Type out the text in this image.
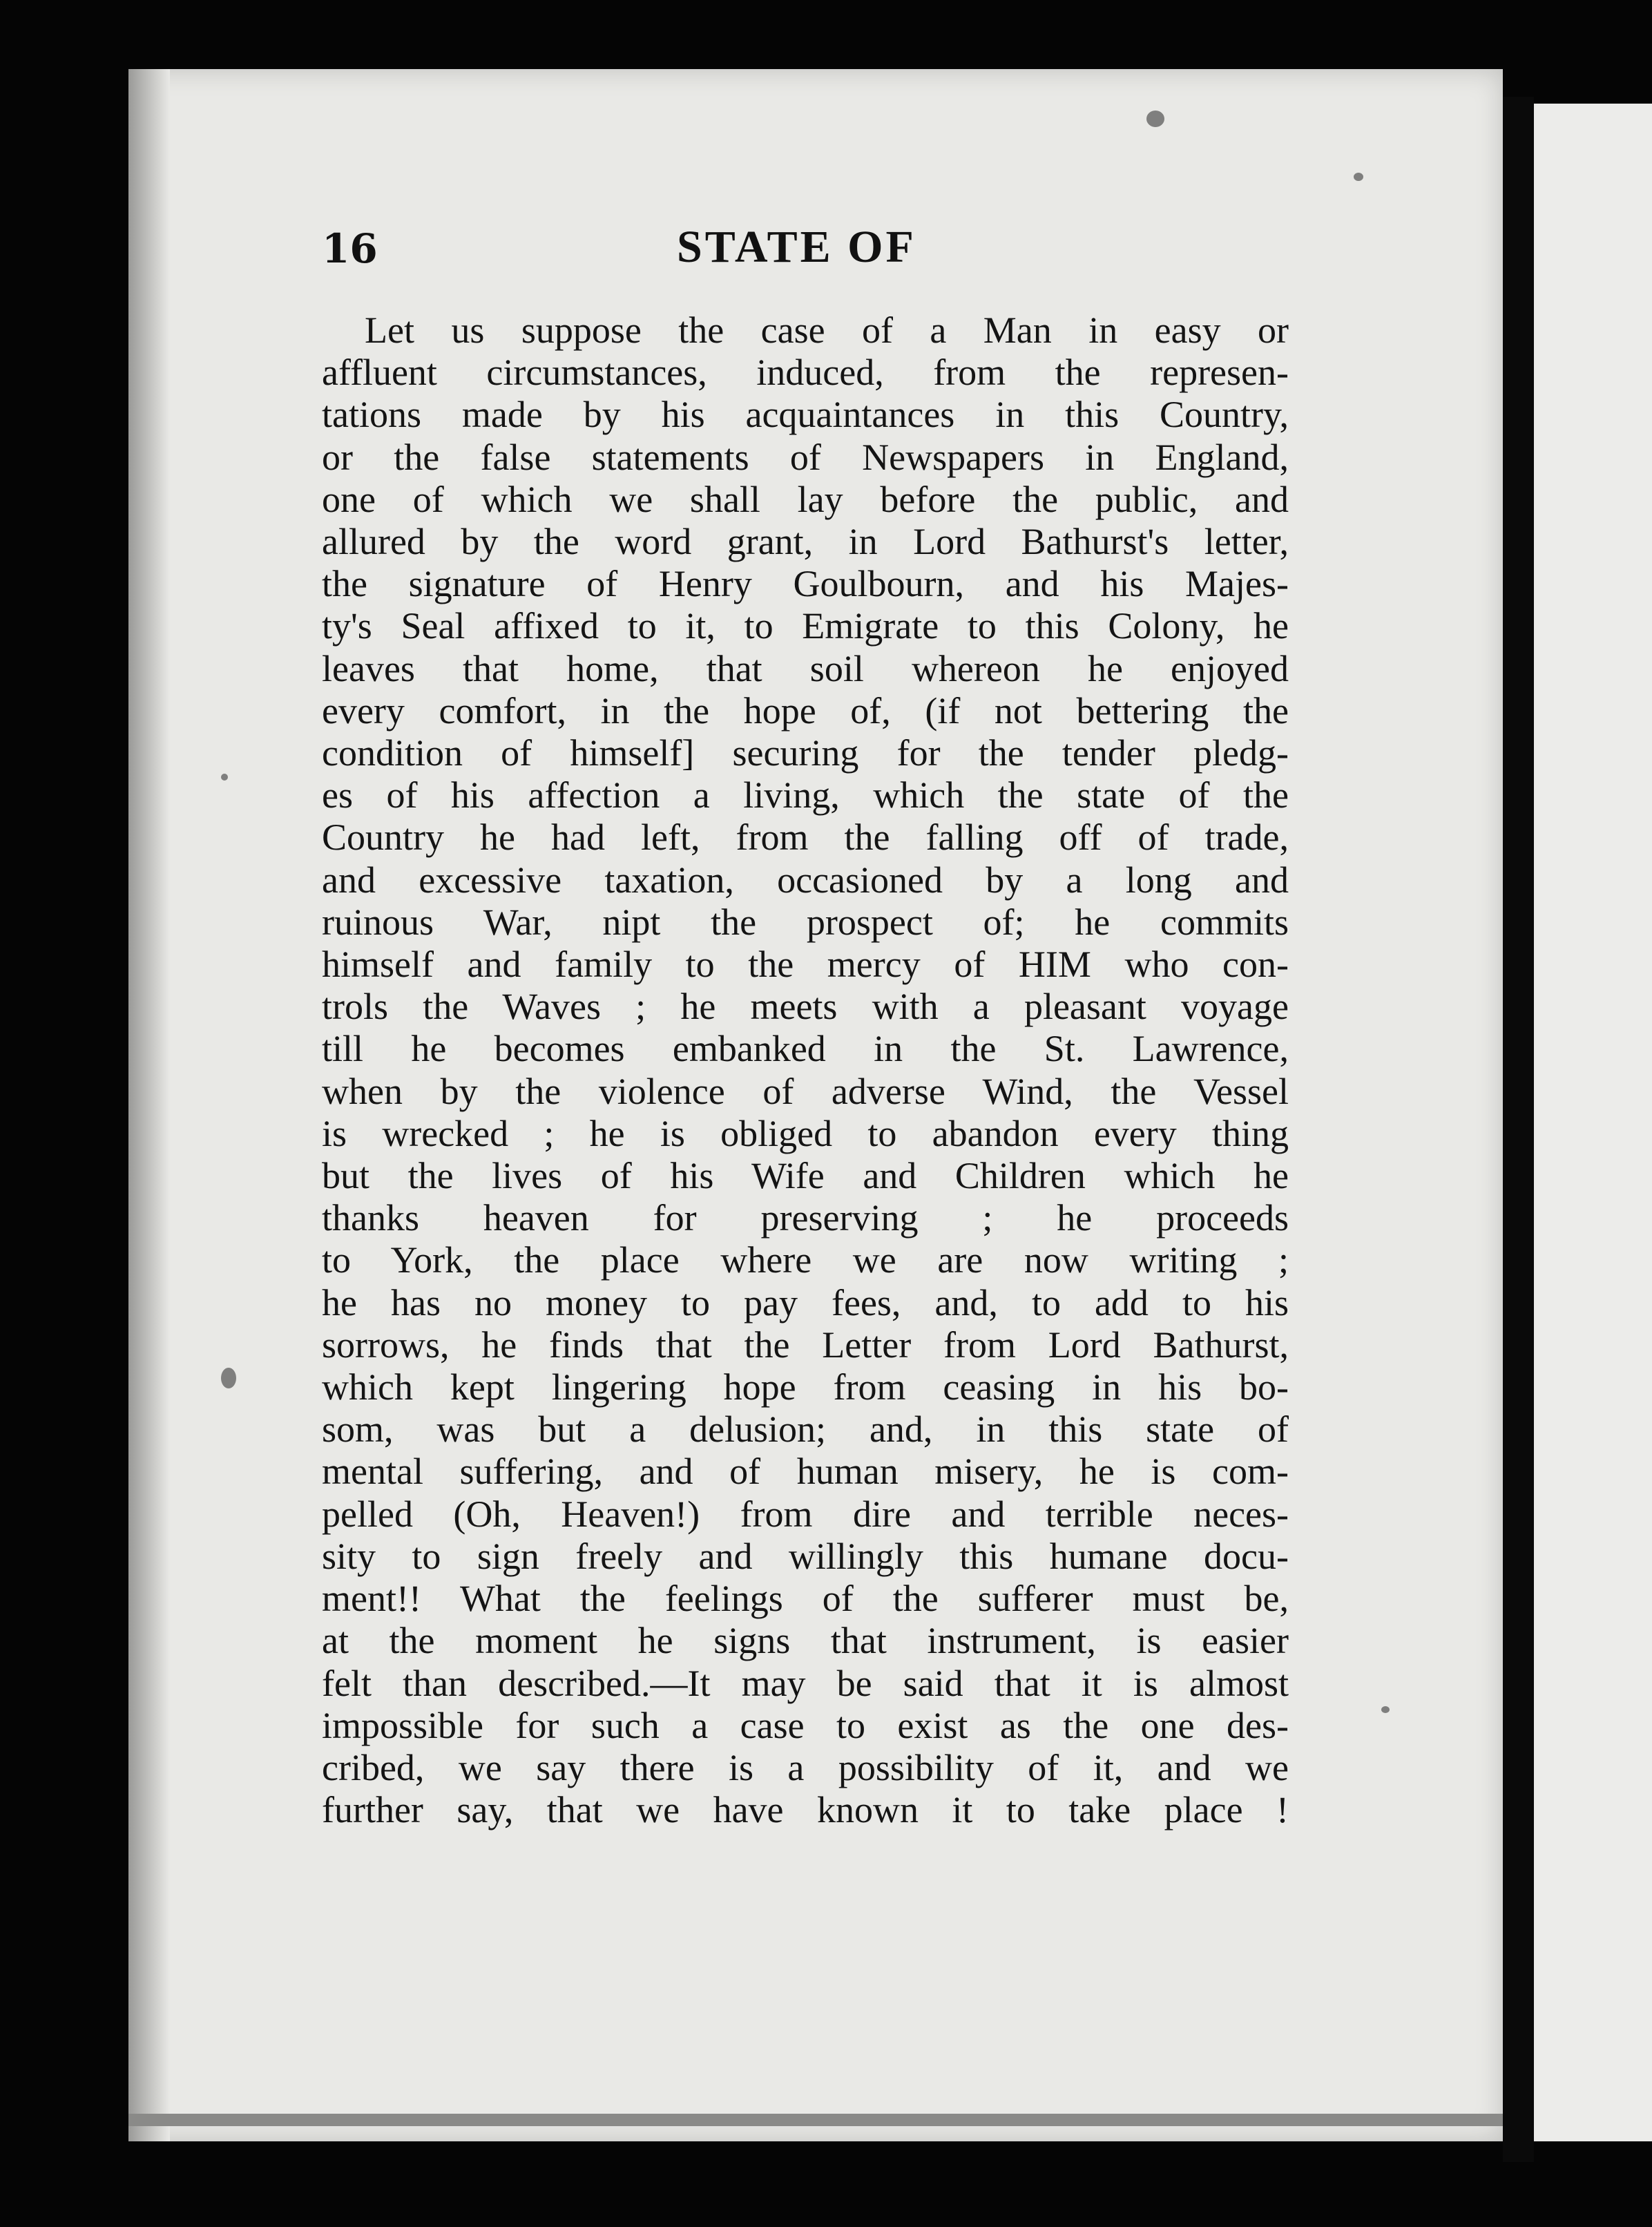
16	STATE OF

Let us suppose the case of a Man in easy or
affluent circumstances, induced, from the represen-
tations made by his acquaintances in this Country,
or the false statements of Newspapers in England,
one of which we shall lay before the public, and
allured by the word grant, in Lord Bathurst's letter,
the signature of Henry Goulbourn, and his Majes-
ty's Seal affixed to it, to Emigrate to this Colony, he
leaves that home, that soil whereon he enjoyed
every comfort, in the hope of, (if not bettering the
condition of himself] securing for the tender pledg-
es of his affection a living, which the state of the
Country he had left, from the falling off of trade,
and excessive taxation, occasioned by a long and
ruinous War, nipt the prospect of; he commits
himself and family to the mercy of HIM who con-
trols the Waves ; he meets with a pleasant voyage
till he becomes embanked in the St. Lawrence,
when by the violence of adverse Wind, the Vessel
is wrecked ; he is obliged to abandon every thing
but the lives of his Wife and Children which he
thanks heaven for preserving ; he proceeds
to York, the place where we are now writing ;
he has no money to pay fees, and, to add to his
sorrows, he finds that the Letter from Lord Bathurst,
which kept lingering hope from ceasing in his bo-
som, was but a delusion; and, in this state of
mental suffering, and of human misery, he is com-
pelled (Oh, Heaven!) from dire and terrible neces-
sity to sign freely and willingly this humane docu-
ment!! What the feelings of the sufferer must be,
at the moment he signs that instrument, is easier
felt than described.—It may be said that it is almost
impossible for such a case to exist as the one des-
cribed, we say there is a possibility of it, and we
further say, that we have known it to take place !
